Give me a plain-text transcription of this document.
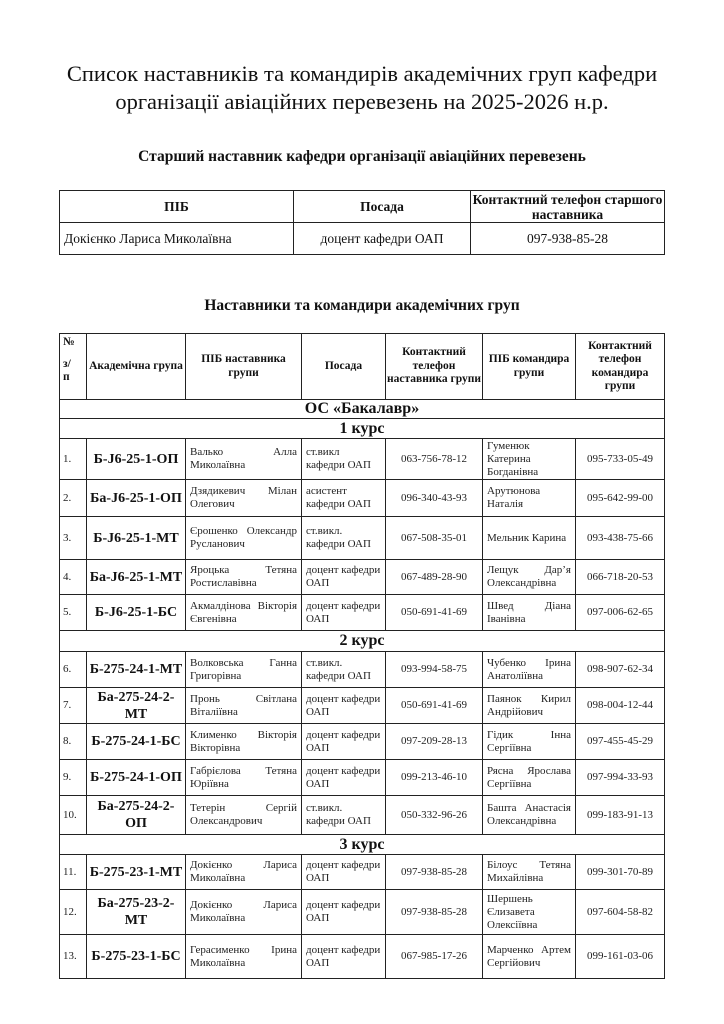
Список наставників та командирів академічних груп кафедри
організації авіаційних перевезень на 2025-2026 н.р.
Старший наставник кафедри організації авіаційних перевезень
ПІБ	Посада	Контактний телефон старшого наставника
Докієнко Лариса Миколаївна	доцент кафедри ОАП	097-938-85-28
Наставники та командири академічних груп
№
з/
п	Академічна група	ПІБ наставника групи	Посада	Контактний телефон наставника групи	ПІБ командира групи	Контактний телефон командира групи
ОС «Бакалавр»						
1 курс						
1.	Б-J6-25-1-ОП	Валько Алла Миколаївна	ст.викл кафедри ОАП	063-756-78-12	Гуменюк Катерина Богданівна	095-733-05-49
2.	Ба-J6-25-1-ОП	Дзядикевич Мілан Олегович	асистент кафедри ОАП	096-340-43-93	Арутюнова Наталія	095-642-99-00
3.	Б-J6-25-1-МТ	Єрошенко Олександр Русланович	ст.викл. кафедри ОАП	067-508-35-01	Мельник Карина	093-438-75-66
4.	Ба-J6-25-1-МТ	Яроцька Тетяна Ростиславівна	доцент кафедри ОАП	067-489-28-90	Лещук Дар’я Олександрівна	066-718-20-53
5.	Б-J6-25-1-БС	Акмалдінова Вікторія Євгенівна	доцент кафедри ОАП	050-691-41-69	Швед Діана Іванівна	097-006-62-65
2 курс						
6.	Б-275-24-1-МТ	Волковська Ганна Григорівна	ст.викл. кафедри ОАП	093-994-58-75	Чубенко Ірина Анатоліївна	098-907-62-34
7.	Ба-275-24-2-МТ	Пронь Світлана Віталіївна	доцент кафедри ОАП	050-691-41-69	Паянок Кирил Андрійович	098-004-12-44
8.	Б-275-24-1-БС	Клименко Вікторія Вікторівна	доцент кафедри ОАП	097-209-28-13	Гідик Інна Сергіївна	097-455-45-29
9.	Б-275-24-1-ОП	Габрієлова Тетяна Юріївна	доцент кафедри ОАП	099-213-46-10	Рясна Ярослава Сергіївна	097-994-33-93
10.	Ба-275-24-2-ОП	Тетерін Сергій Олександрович	ст.викл. кафедри ОАП	050-332-96-26	Башта Анастасія Олександрівна	099-183-91-13
3 курс						
11.	Б-275-23-1-МТ	Докієнко Лариса Миколаївна	доцент кафедри ОАП	097-938-85-28	Білоус Тетяна Михайлівна	099-301-70-89
12.	Ба-275-23-2-МТ	Докієнко Лариса Миколаївна	доцент кафедри ОАП	097-938-85-28	Шершень Єлизавета Олексіївна	097-604-58-82
13.	Б-275-23-1-БС	Герасименко Ірина Миколаївна	доцент кафедри ОАП	067-985-17-26	Марченко Артем Сергійович	099-161-03-06
